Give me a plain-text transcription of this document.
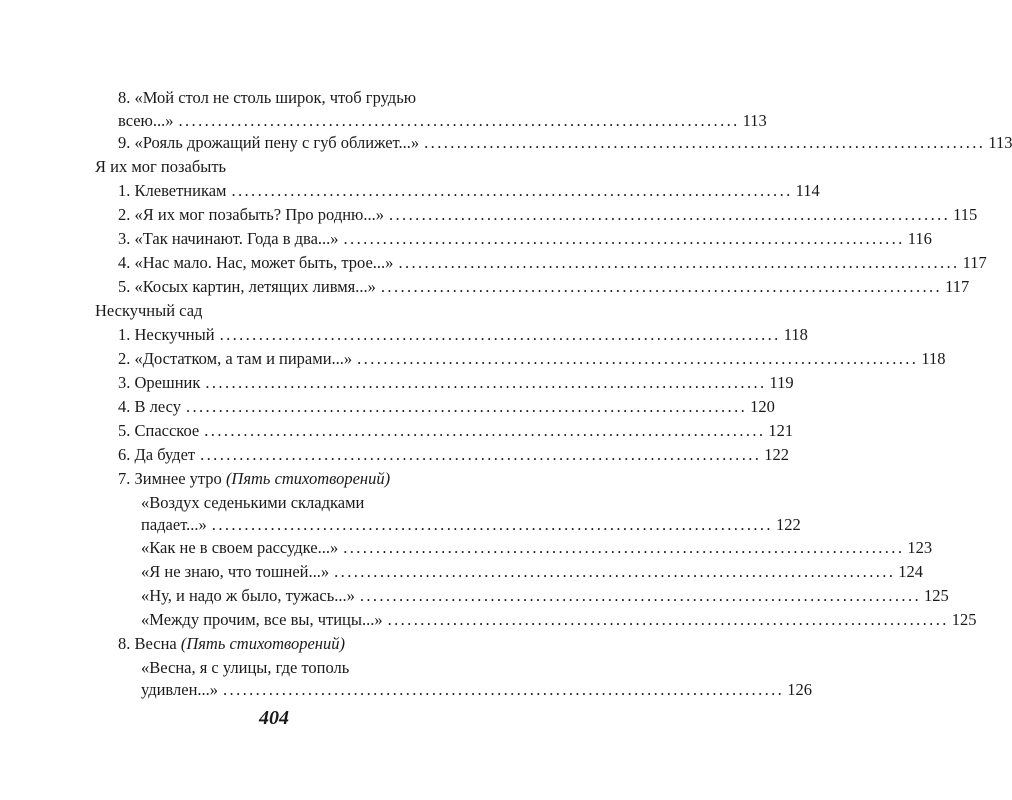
8. «Мой стол не столь широк, чтоб грудью
всею...» ...................................................................................... 113
9. «Рояль дрожащий пену с губ оближет...» ...................................................................................... 113
Я их мог позабыть
1. Клеветникам ...................................................................................... 114
2. «Я их мог позабыть? Про родню...» ...................................................................................... 115
3. «Так начинают. Года в два...» ...................................................................................... 116
4. «Нас мало. Нас, может быть, трое...» ...................................................................................... 117
5. «Косых картин, летящих ливмя...» ...................................................................................... 117
Нескучный сад
1. Нескучный ...................................................................................... 118
2. «Достатком, а там и пирами...» ...................................................................................... 118
3. Орешник ...................................................................................... 119
4. В лесу ...................................................................................... 120
5. Спасское ...................................................................................... 121
6. Да будет ...................................................................................... 122
7. Зимнее утро (Пять стихотворений)
«Воздух седенькими складками
падает...» ...................................................................................... 122
«Как не в своем рассудке...» ...................................................................................... 123
«Я не знаю, что тошней...» ...................................................................................... 124
«Ну, и надо ж было, тужась...» ...................................................................................... 125
«Между прочим, все вы, чтицы...» ...................................................................................... 125
8. Весна (Пять стихотворений)
«Весна, я с улицы, где тополь
удивлен...» ...................................................................................... 126
404
